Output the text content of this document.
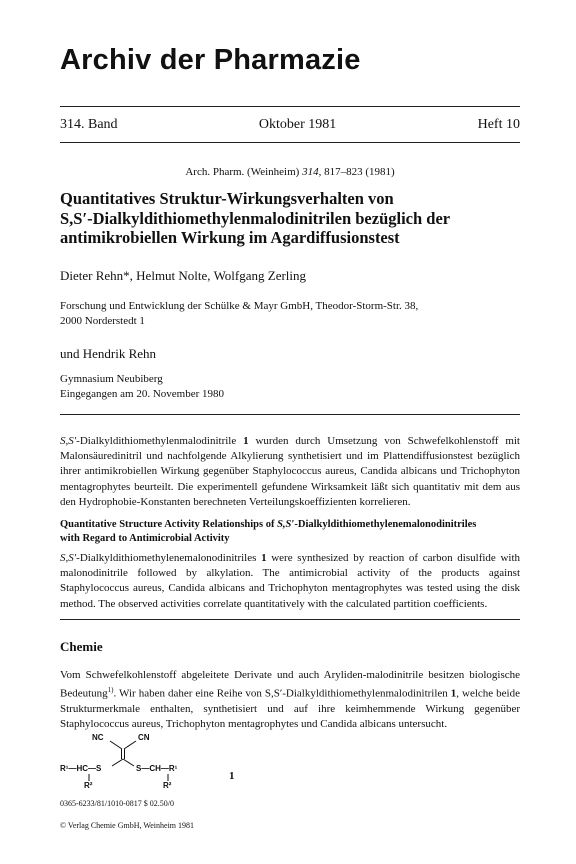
Archiv der Pharmazie
314. Band	Oktober 1981	Heft 10
Arch. Pharm. (Weinheim) 314, 817–823 (1981)
Quantitatives Struktur-Wirkungsverhalten von
S,S′-Dialkyldithiomethylenmalodinitrilen bezüglich der
antimikrobiellen Wirkung im Agardiffusionstest
Dieter Rehn*, Helmut Nolte, Wolfgang Zerling
Forschung und Entwicklung der Schülke & Mayr GmbH, Theodor-Storm-Str. 38,
2000 Norderstedt 1
und Hendrik Rehn
Gymnasium Neubiberg
Eingegangen am 20. November 1980
S,S′-Dialkyldithiomethylenmalodinitrile 1 wurden durch Umsetzung von Schwefelkohlenstoff mit Malonsäuredinitril und nachfolgende Alkylierung synthetisiert und im Plattendiffusionstest bezüglich ihrer antimikrobiellen Wirkung gegenüber Staphylococcus aureus, Candida albicans und Trichophyton mentagrophytes beurteilt. Die experimentell gefundene Wirksamkeit läßt sich quantitativ mit dem aus den Hydrophobie-Konstanten berechneten Verteilungskoeffizienten korrelieren.
Quantitative Structure Activity Relationships of S,S′-Dialkyldithiomethylenemalonodinitriles
with Regard to Antimicrobial Activity
S,S′-Dialkyldithiomethylenemalonodinitriles 1 were synthesized by reaction of carbon disulfide with malonodinitrile followed by alkylation. The antimicrobial activity of the products against Staphylococcus aureus, Candida albicans and Trichophyton mentagrophytes was tested using the disk method. The observed activities correlate quantitatively with the calculated partition coefficients.
Chemie
Vom Schwefelkohlenstoff abgeleitete Derivate und auch Aryliden-malodinitrile besitzen biologische Bedeutung$^{1)}$. Wir haben daher eine Reihe von S,S′-Dialkyldithiomethylenmalodinitrilen 1, welche beide Strukturmerkmale enthalten, synthetisiert und auf ihre keimhemmende Wirkung gegenüber Staphylococcus aureus, Trichophyton mentagrophytes und Candida albicans untersucht.
NC	CN
R¹—HC—S	S—CH—R¹
R²	R²
1
0365-6233/81/1010-0817 $ 02.50/0
© Verlag Chemie GmbH, Weinheim 1981
